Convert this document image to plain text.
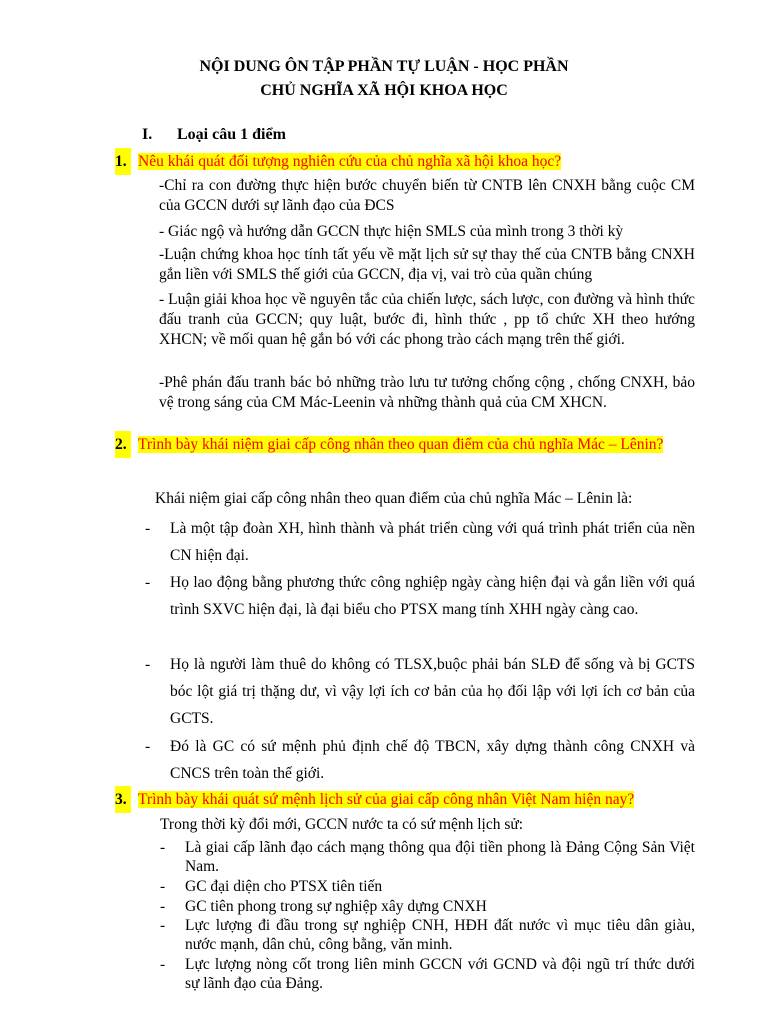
NỘI DUNG ÔN TẬP PHẦN TỰ LUẬN - HỌC PHẦN
CHỦ NGHĨA XÃ HỘI KHOA HỌC
I. Loại câu 1 điểm
1. Nêu khái quát đối tượng nghiên cứu của chủ nghĩa xã hội khoa học?
-Chỉ ra con đường thực hiện bước chuyển biến từ CNTB lên CNXH bằng cuộc CM của GCCN dưới sự lãnh đạo của ĐCS
- Giác ngộ và hướng dẫn GCCN thực hiện SMLS của mình trong 3 thời kỳ
-Luận chứng khoa học tính tất yếu về mặt lịch sử sự thay thế của CNTB bằng CNXH gắn liền với SMLS thế giới của GCCN, địa vị, vai trò của quần chúng
- Luận giải khoa học về nguyên tắc của chiến lược, sách lược, con đường và hình thức đấu tranh của GCCN; quy luật, bước đi, hình thức , pp tổ chức XH theo hướng XHCN; về mối quan hệ gắn bó với các phong trào cách mạng trên thế giới.
-Phê phán đấu tranh bác bỏ những trào lưu tư tưởng chống cộng , chống CNXH, bảo vệ trong sáng của CM Mác-Leenin và những thành quả của CM XHCN.
2. Trình bày khái niệm giai cấp công nhân theo quan điểm của chủ nghĩa Mác – Lênin?
Khái niệm giai cấp công nhân theo quan điểm của chủ nghĩa Mác – Lênin là:
-	Là một tập đoàn XH, hình thành và phát triển cùng với quá trình phát triển của nền CN hiện đại.
-	Họ lao động bằng phương thức công nghiệp ngày càng hiện đại và gắn liền với quá trình SXVC hiện đại, là đại biểu cho PTSX mang tính XHH ngày càng cao.
-	Họ là người làm thuê do không có TLSX,buộc phải bán SLĐ để sống và bị GCTS bóc lột giá trị thặng dư, vì vậy lợi ích cơ bản của họ đối lập với lợi ích cơ bản của GCTS.
-	Đó là GC có sứ mệnh phủ định chế độ TBCN, xây dựng thành công CNXH và CNCS trên toàn thế giới.
3. Trình bày khái quát sứ mệnh lịch sử của giai cấp công nhân Việt Nam hiện nay?
Trong thời kỳ đổi mới, GCCN nước ta có sứ mệnh lịch sử:
-	Là giai cấp lãnh đạo cách mạng thông qua đội tiền phong là Đảng Cộng Sản Việt Nam.
-	GC đại diện cho PTSX tiên tiến
-	GC tiên phong trong sự nghiệp xây dựng CNXH
-	Lực lượng đi đầu trong sự nghiệp CNH, HĐH đất nước vì mục tiêu dân giàu, nước mạnh, dân chủ, công bằng, văn minh.
-	Lực lượng nòng cốt trong liên minh GCCN với GCND và đội ngũ trí thức dưới sự lãnh đạo của Đảng.
